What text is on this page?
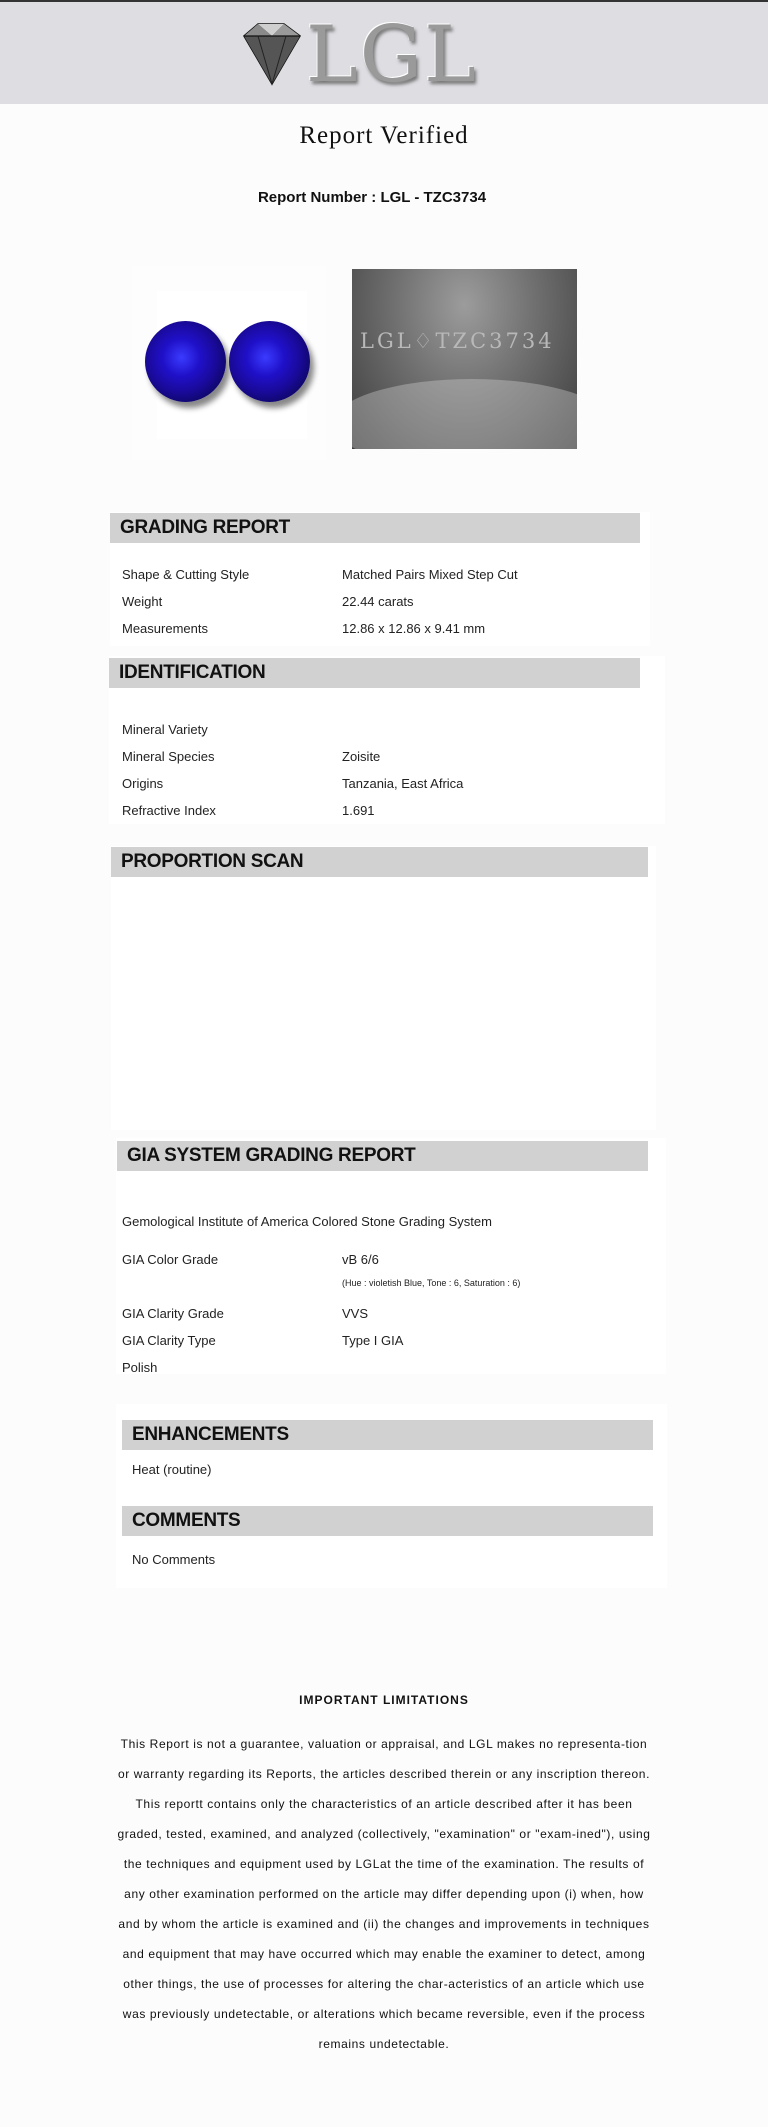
LGL
Report Verified
Report Number : LGL - TZC3734
LGL♢TZC3734
GRADING REPORT
Shape & Cutting Style	Matched Pairs Mixed Step Cut
Weight	22.44 carats
Measurements	12.86 x 12.86 x 9.41 mm
IDENTIFICATION
Mineral Variety
Mineral Species	Zoisite
Origins	Tanzania, East Africa
Refractive Index	1.691
PROPORTION SCAN
GIA SYSTEM GRADING REPORT
Gemological Institute of America Colored Stone Grading System
GIA Color Grade	vB 6/6
(Hue : violetish Blue, Tone : 6, Saturation : 6)
GIA Clarity Grade	VVS
GIA Clarity Type	Type I GIA
Polish
ENHANCEMENTS
Heat (routine)
COMMENTS
No Comments
IMPORTANT LIMITATIONS
This Report is not a guarantee, valuation or appraisal, and LGL makes no representa-tion or warranty regarding its Reports, the articles described therein or any inscription thereon. This reportt contains only the characteristics of an article described after it has been graded, tested, examined, and analyzed (collectively, "examination" or "exam-ined"), using the techniques and equipment used by LGLat the time of the examination. The results of any other examination performed on the article may differ depending upon (i) when, how and by whom the article is examined and (ii) the changes and improvements in techniques and equipment that may have occurred which may enable the examiner to detect, among other things, the use of processes for altering the char-acteristics of an article which use was previously undetectable, or alterations which became reversible, even if the process remains undetectable.
